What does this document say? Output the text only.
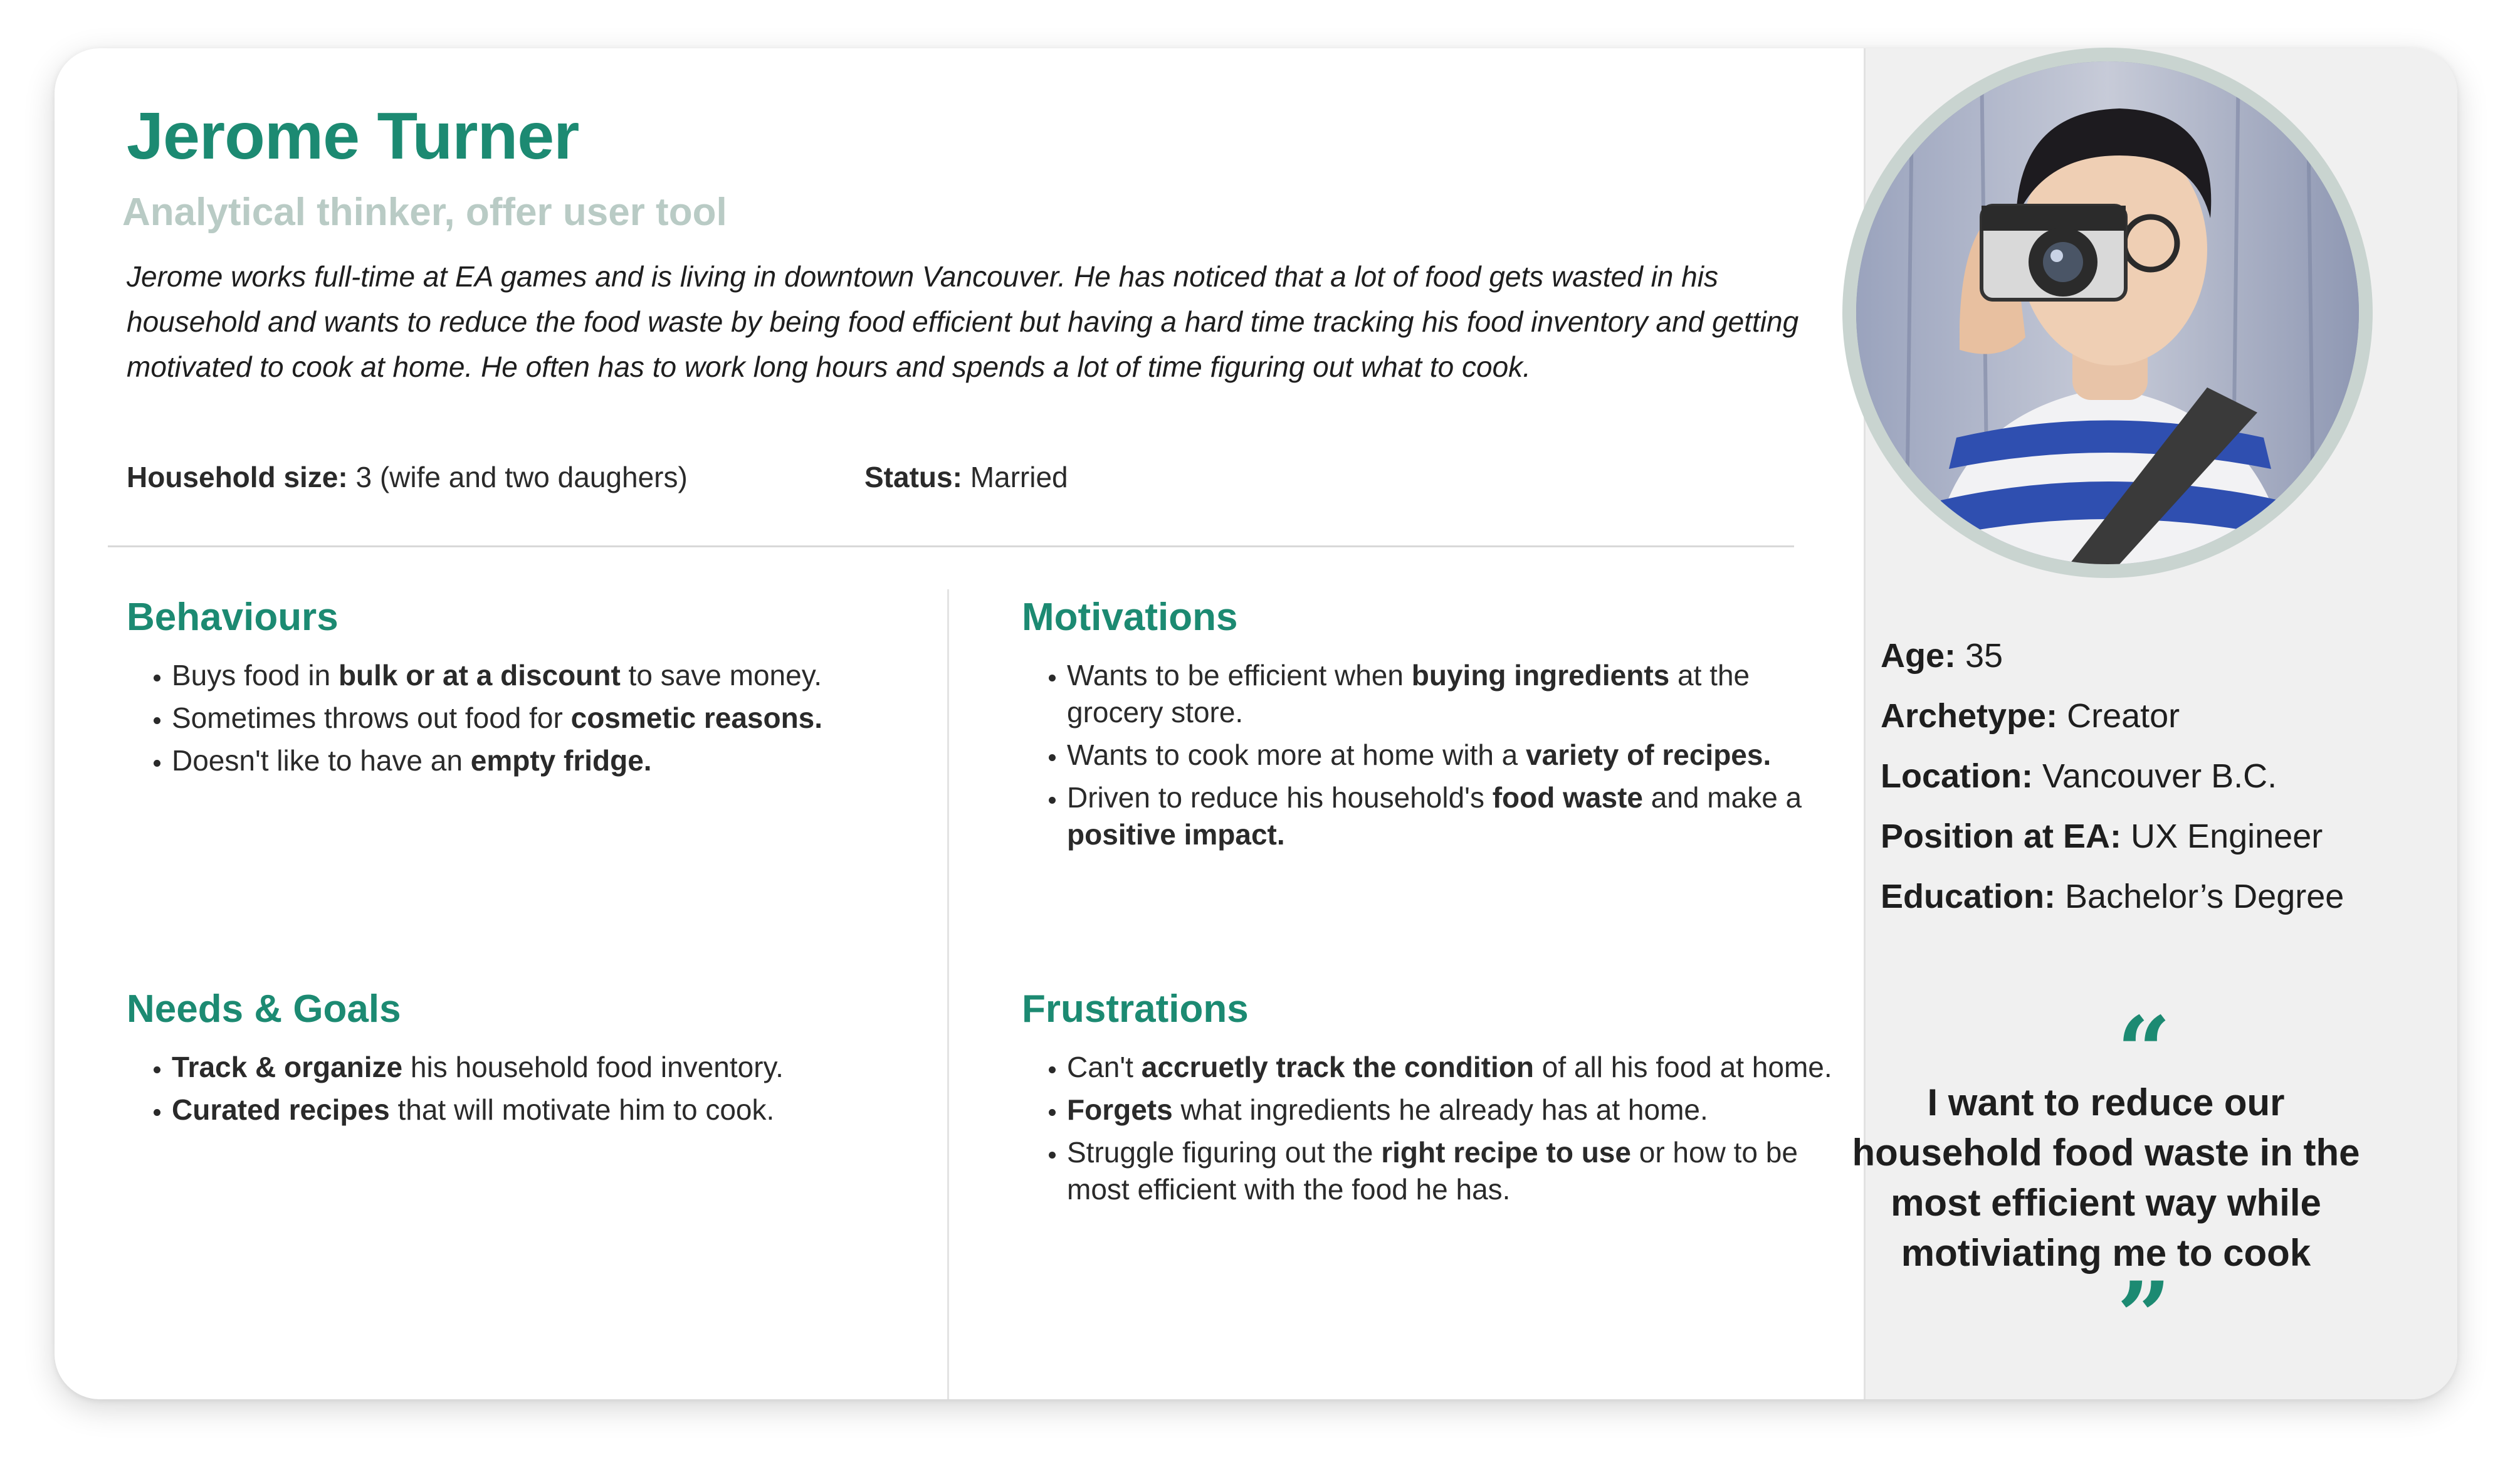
Jerome Turner

Analytical thinker, offer user tool

Jerome works full-time at EA games and is living in downtown Vancouver. He has noticed that a lot of food gets wasted in his household and wants to reduce the food waste by being food efficient but having a hard time tracking his food inventory and getting motivated to cook at home. He often has to work long hours and spends a lot of time figuring out what to cook.

Household size: 3 (wife and two daughers)	Status: Married
Behaviours
• Buys food in bulk or at a discount to save money.
• Sometimes throws out food for cosmetic reasons.
• Doesn't like to have an empty fridge.
Motivations
• Wants to be efficient when buying ingredients at the grocery store.
• Wants to cook more at home with a variety of recipes.
• Driven to reduce his household's food waste and make a positive impact.
Needs & Goals
• Track & organize his household food inventory.
• Curated recipes that will motivate him to cook.
Frustrations
• Can't accruetly track the condition of all his food at home.
• Forgets what ingredients he already has at home.
• Struggle figuring out the right recipe to use or how to be most efficient with the food he has.
Age: 35
Archetype: Creator
Location: Vancouver B.C.
Position at EA: UX Engineer
Education: Bachelor’s Degree
“

I want to reduce our household food waste in the most efficient way while motiviating me to cook

”
